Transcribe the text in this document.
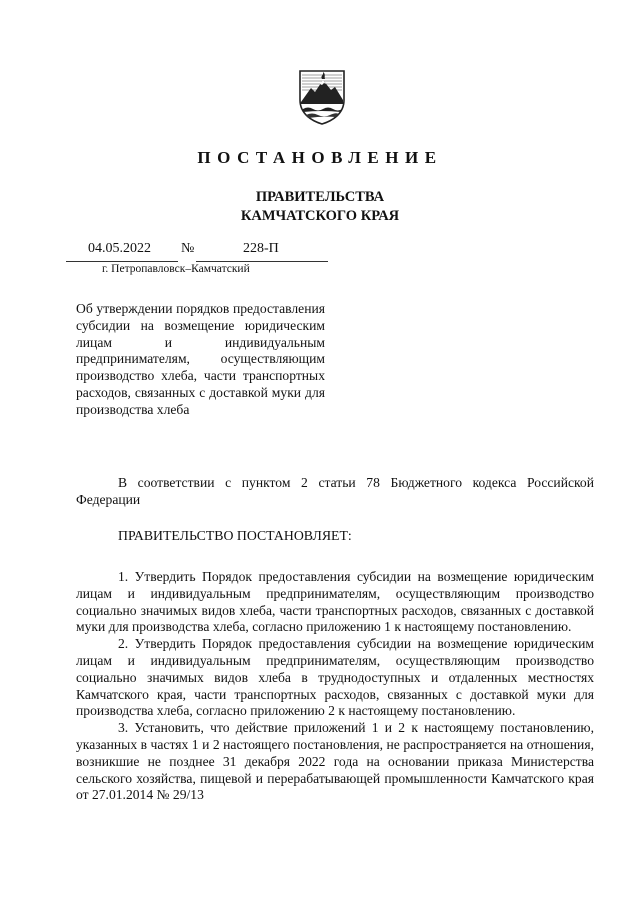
ПОСТАНОВЛЕНИЕ
ПРАВИТЕЛЬСТВА
КАМЧАТСКОГО КРАЯ
04.05.2022 №	228-П
г. Петропавловск–Камчатский
Об утверждении порядков предоставления субсидии на возмещение юридическим лицам и индивидуальным предпринимателям, осуществляющим производство хлеба, части транспортных расходов, связанных с доставкой муки для производства хлеба

В соответствии с пунктом 2 статьи 78 Бюджетного кодекса Российской Федерации

ПРАВИТЕЛЬСТВО ПОСТАНОВЛЯЕТ:

1. Утвердить Порядок предоставления субсидии на возмещение юридическим лицам и индивидуальным предпринимателям, осуществляющим производство социально значимых видов хлеба, части транспортных расходов, связанных с доставкой муки для производства хлеба, согласно приложению 1 к настоящему постановлению.

2. Утвердить Порядок предоставления субсидии на возмещение юридическим лицам и индивидуальным предпринимателям, осуществляющим производство социально значимых видов хлеба в труднодоступных и отдаленных местностях Камчатского края, части транспортных расходов, связанных с доставкой муки для производства хлеба, согласно приложению 2 к настоящему постановлению.

3. Установить, что действие приложений 1 и 2 к настоящему постановлению, указанных в частях 1 и 2 настоящего постановления, не распространяется на отношения, возникшие не позднее 31 декабря 2022 года на основании приказа Министерства сельского хозяйства, пищевой и перерабатывающей промышленности Камчатского края от 27.01.2014 № 29/13
